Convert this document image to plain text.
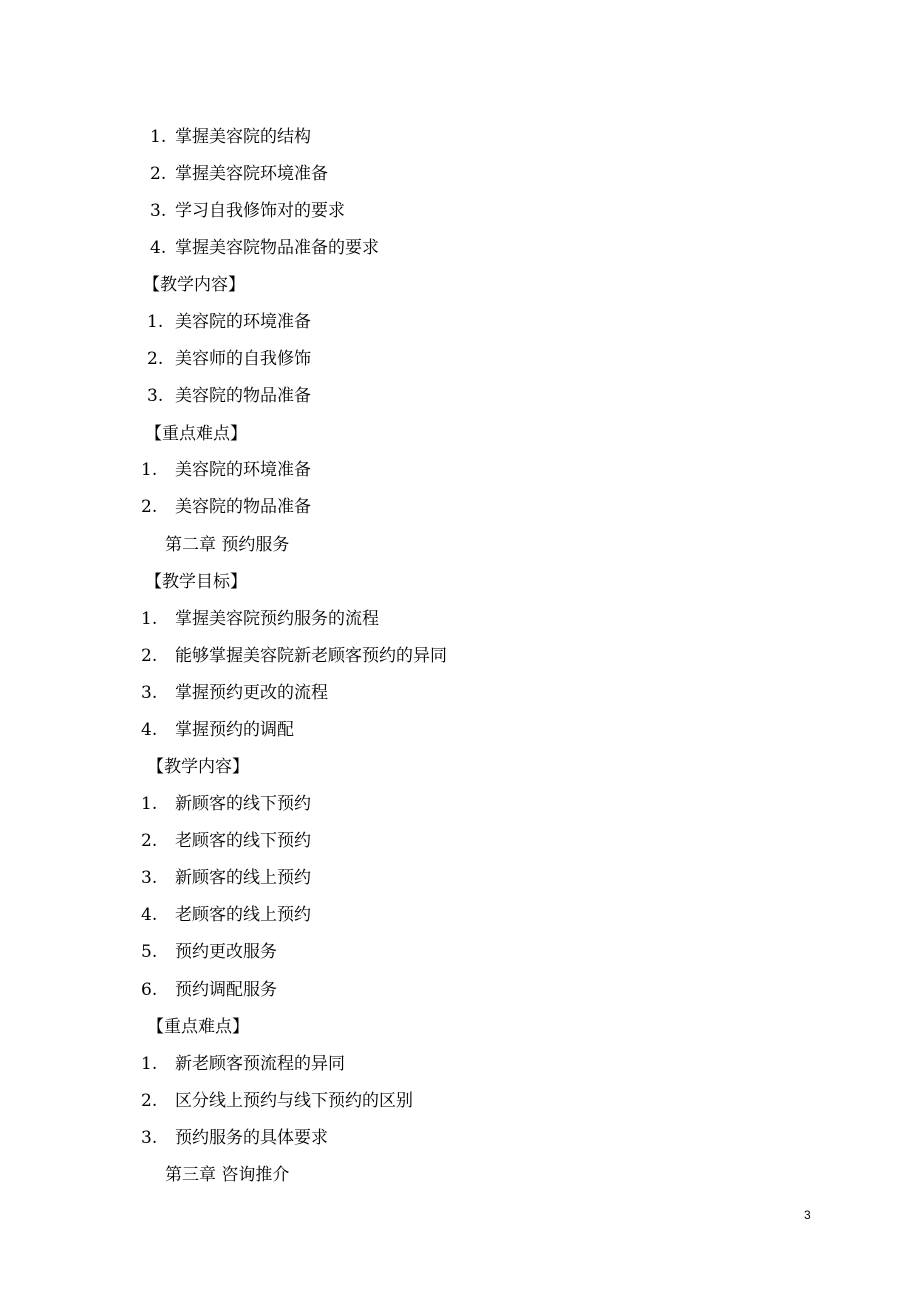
1. 掌握美容院的结构
2. 掌握美容院环境准备
3. 学习自我修饰对的要求
4. 掌握美容院物品准备的要求
【教学内容】
1. 美容院的环境准备
2. 美容师的自我修饰
3. 美容院的物品准备
【重点难点】
1. 美容院的环境准备
2. 美容院的物品准备
第二章 预约服务
【教学目标】
1. 掌握美容院预约服务的流程
2. 能够掌握美容院新老顾客预约的异同
3. 掌握预约更改的流程
4. 掌握预约的调配
【教学内容】
1. 新顾客的线下预约
2. 老顾客的线下预约
3. 新顾客的线上预约
4. 老顾客的线上预约
5. 预约更改服务
6. 预约调配服务
【重点难点】
1. 新老顾客预流程的异同
2. 区分线上预约与线下预约的区别
3. 预约服务的具体要求
第三章 咨询推介
3
